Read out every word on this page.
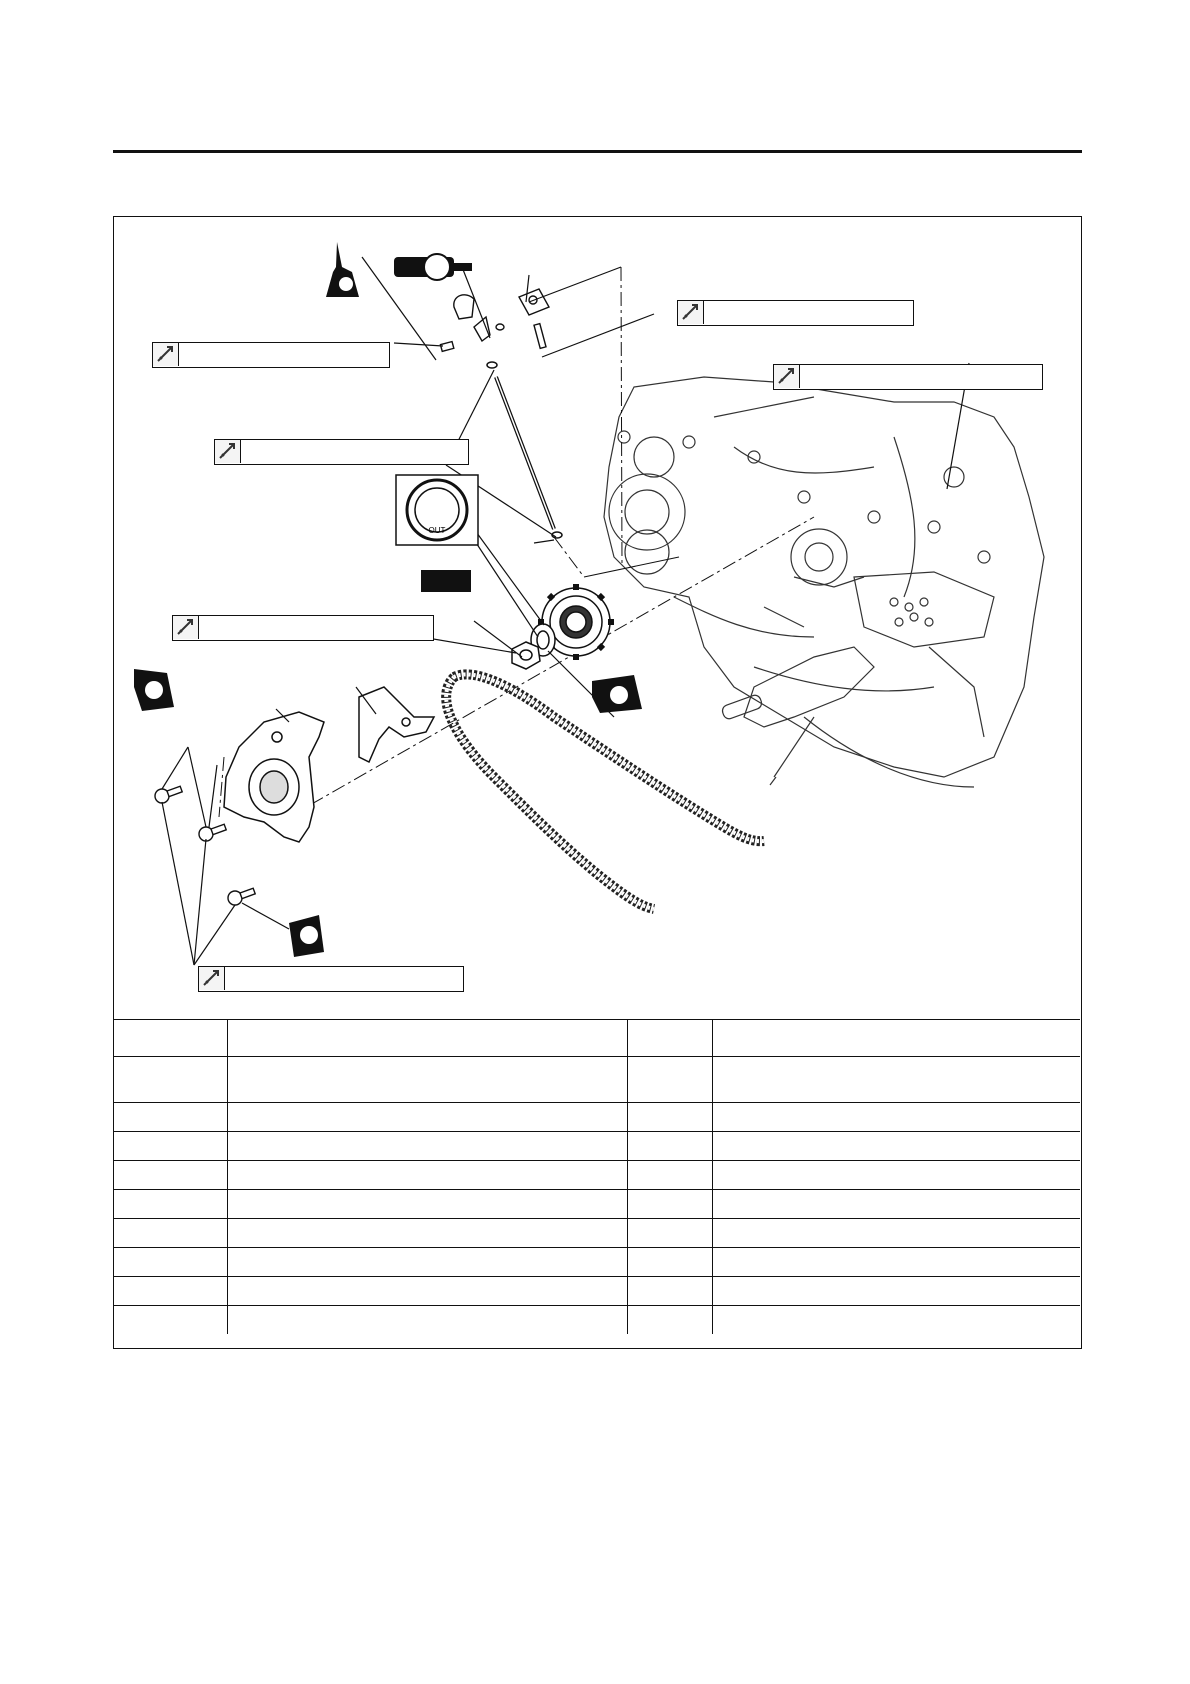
OUT
